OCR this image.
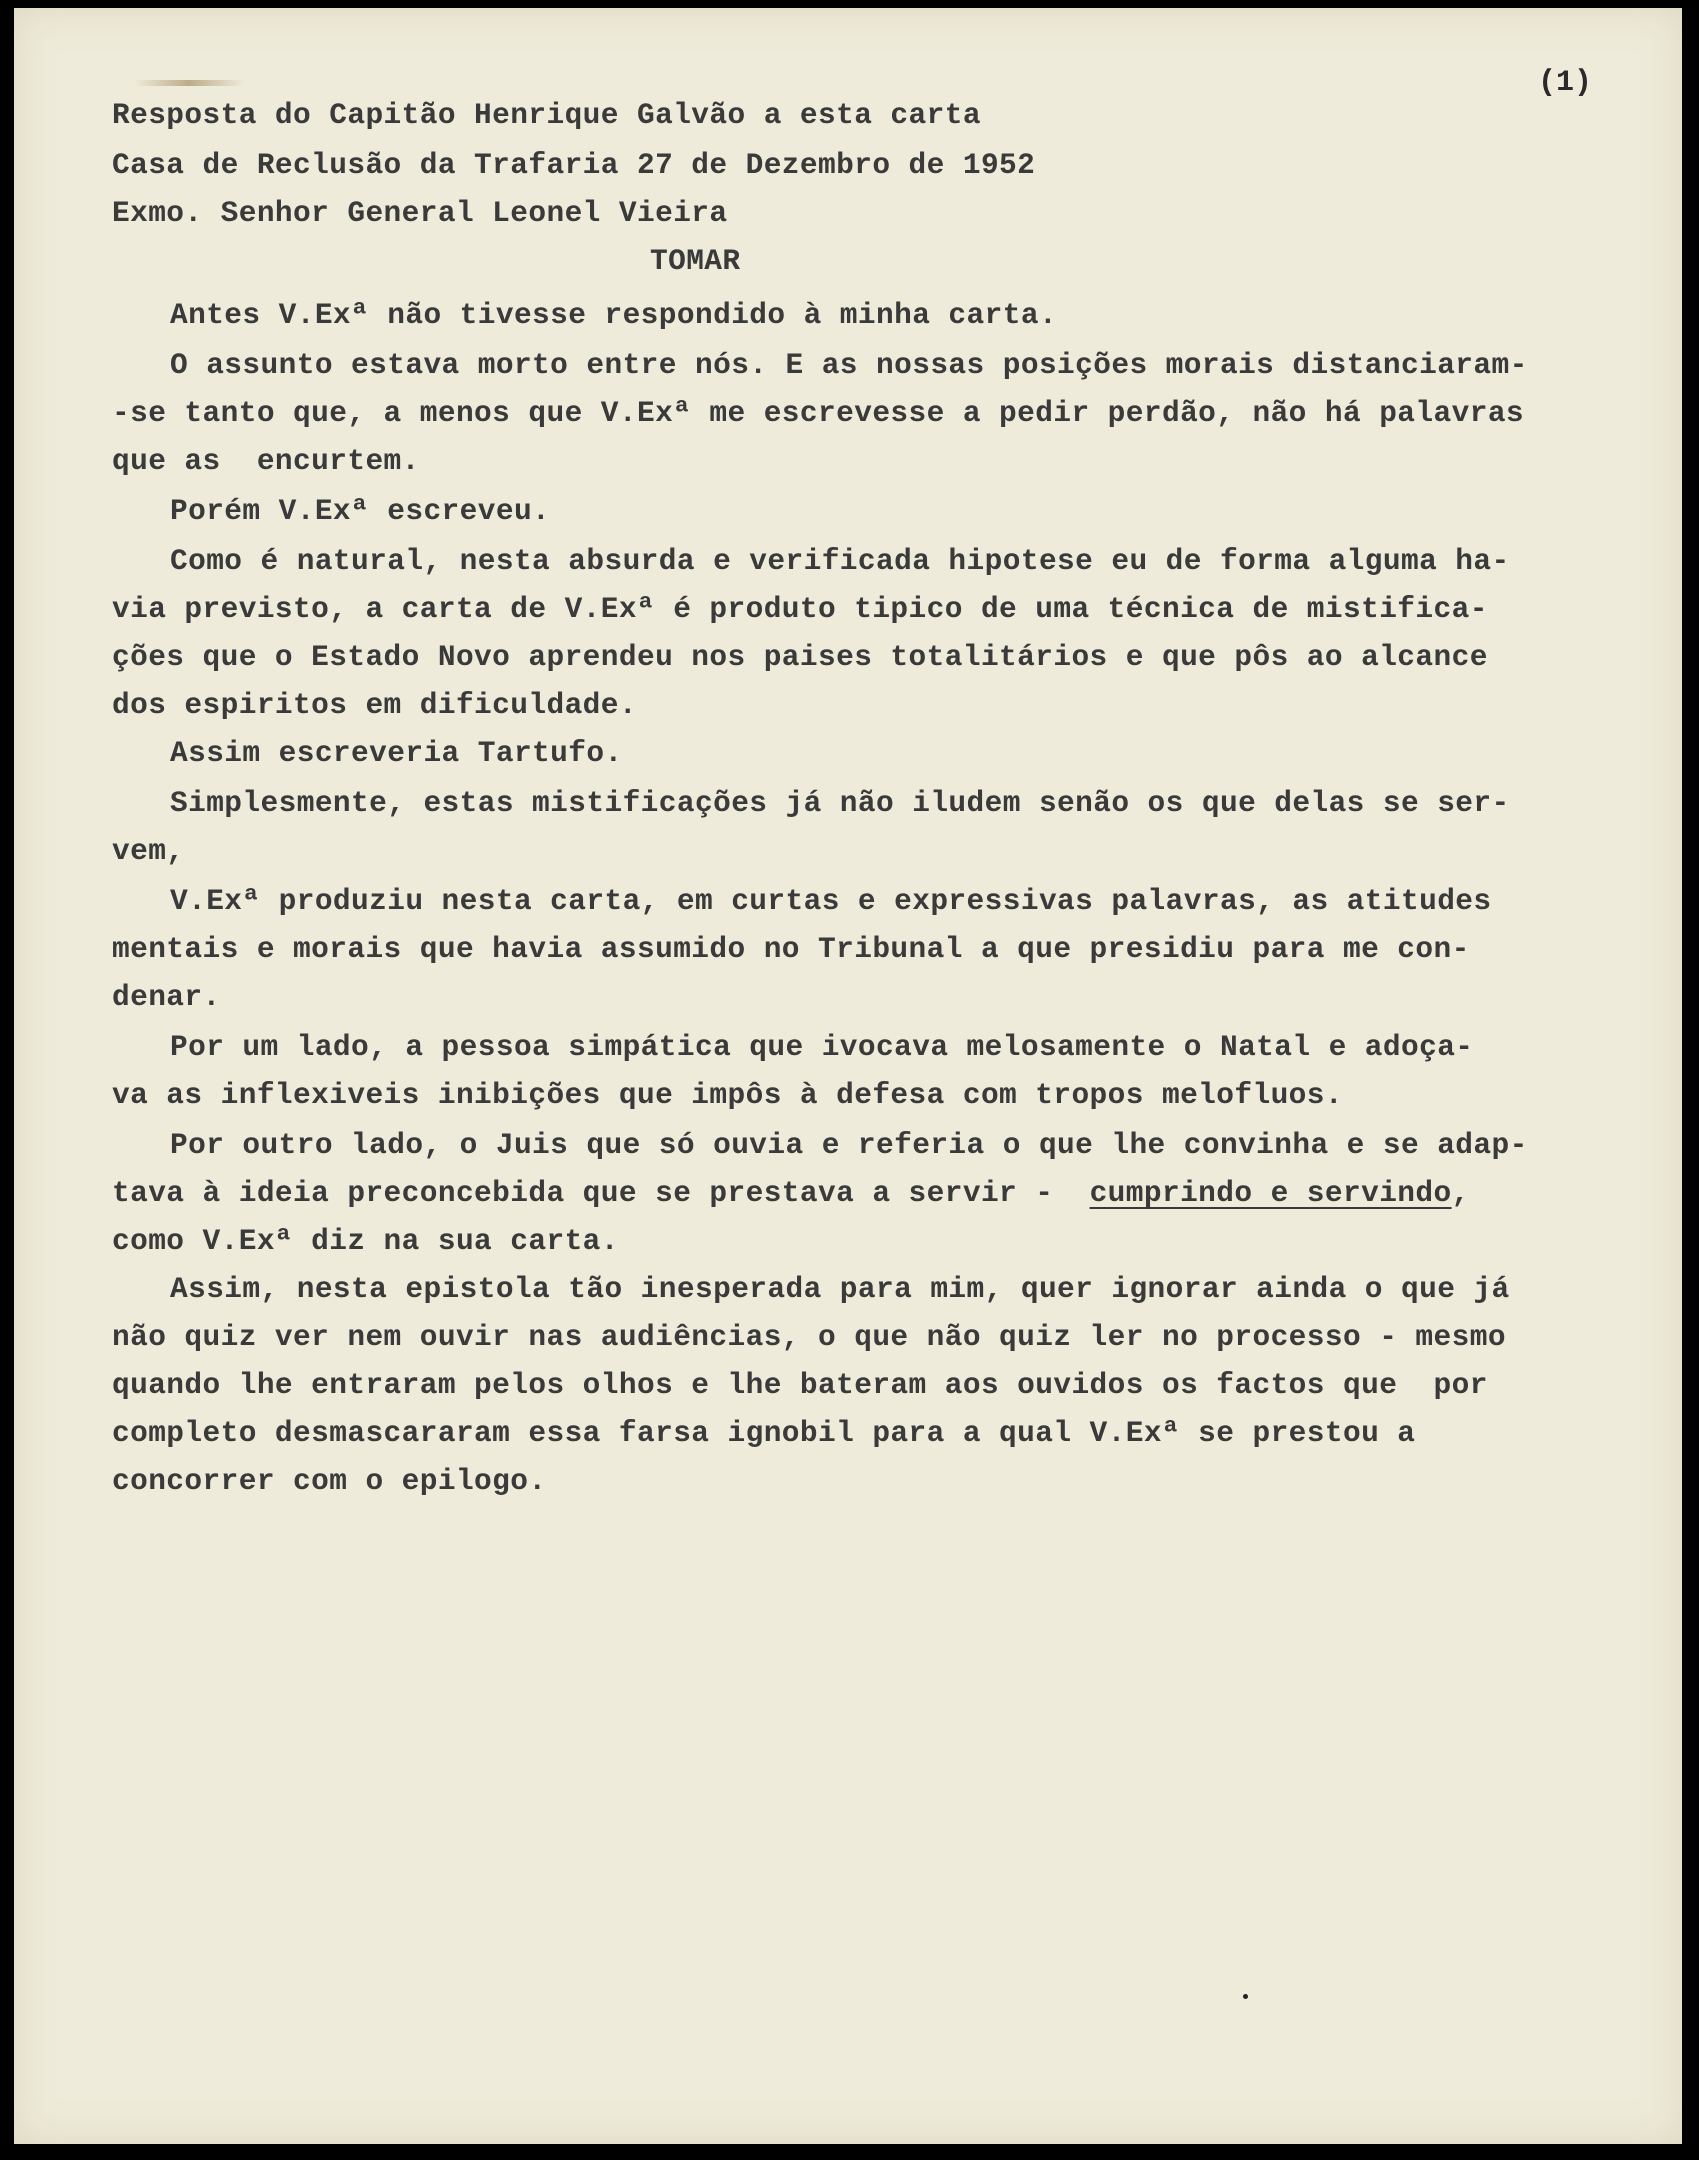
(1)

Resposta do Capitão Henrique Galvão a esta carta

Casa de Reclusão da Trafaria 27 de Dezembro de 1952

Exmo. Senhor General Leonel Vieira

TOMAR

Antes V.Exª não tivesse respondido à minha carta.

O assunto estava morto entre nós. E as nossas posições morais distanciaram-

-se tanto que, a menos que V.Exª me escrevesse a pedir perdão, não há palavras

que as  encurtem.

Porém V.Exª escreveu.

Como é natural, nesta absurda e verificada hipotese eu de forma alguma ha-

via previsto, a carta de V.Exª é produto tipico de uma técnica de mistifica-

ções que o Estado Novo aprendeu nos paises totalitários e que pôs ao alcance

dos espiritos em dificuldade.

Assim escreveria Tartufo.

Simplesmente, estas mistificações já não iludem senão os que delas se ser-

vem,

V.Exª produziu nesta carta, em curtas e expressivas palavras, as atitudes

mentais e morais que havia assumido no Tribunal a que presidiu para me con-

denar.

Por um lado, a pessoa simpática que ivocava melosamente o Natal e adoça-

va as inflexiveis inibições que impôs à defesa com tropos melofluos.

Por outro lado, o Juis que só ouvia e referia o que lhe convinha e se adap-

tava à ideia preconcebida que se prestava a servir -  cumprindo e servindo,

como V.Exª diz na sua carta.

Assim, nesta epistola tão inesperada para mim, quer ignorar ainda o que já

não quiz ver nem ouvir nas audiências, o que não quiz ler no processo - mesmo

quando lhe entraram pelos olhos e lhe bateram aos ouvidos os factos que  por

completo desmascararam essa farsa ignobil para a qual V.Exª se prestou a

concorrer com o epilogo.
